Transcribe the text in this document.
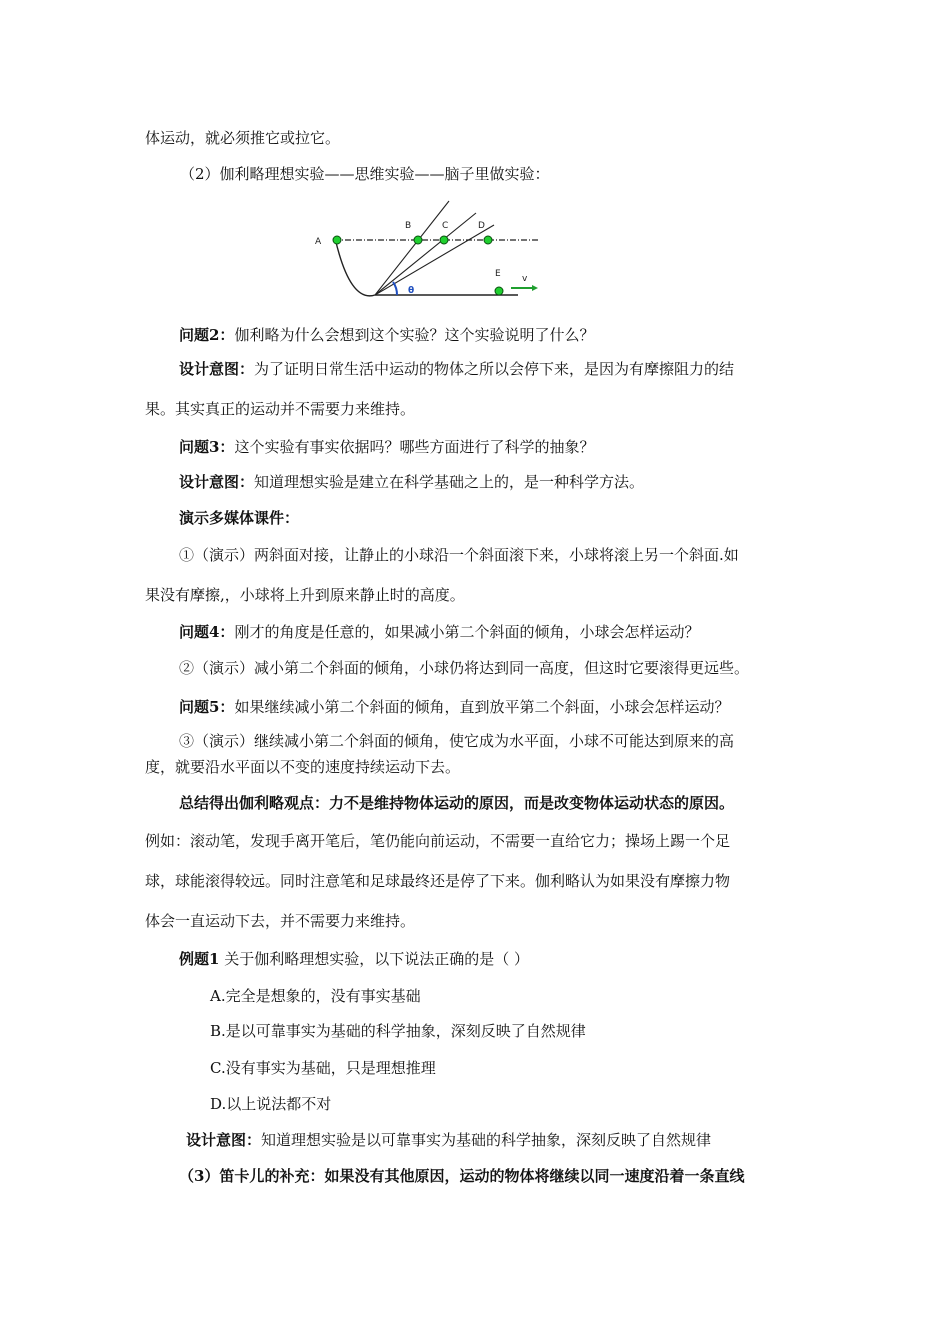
体运动，就必须推它或拉它。
（2）伽利略理想实验——思维实验——脑子里做实验：
A
B	C	D
E
θ
v
问题2：伽利略为什么会想到这个实验？这个实验说明了什么？
设计意图：为了证明日常生活中运动的物体之所以会停下来，是因为有摩擦阻力的结
果。其实真正的运动并不需要力来维持。
问题3：这个实验有事实依据吗？哪些方面进行了科学的抽象？
设计意图：知道理想实验是建立在科学基础之上的，是一种科学方法。
演示多媒体课件：
①（演示）两斜面对接，让静止的小球沿一个斜面滚下来，小球将滚上另一个斜面.如
果没有摩擦,，小球将上升到原来静止时的高度。
问题4：刚才的角度是任意的，如果减小第二个斜面的倾角，小球会怎样运动？
②（演示）减小第二个斜面的倾角，小球仍将达到同一高度，但这时它要滚得更远些。
问题5：如果继续减小第二个斜面的倾角，直到放平第二个斜面，小球会怎样运动？
③（演示）继续减小第二个斜面的倾角，使它成为水平面，小球不可能达到原来的高
度，就要沿水平面以不变的速度持续运动下去。
总结得出伽利略观点：力不是维持物体运动的原因，而是改变物体运动状态的原因。
例如：滚动笔，发现手离开笔后，笔仍能向前运动，不需要一直给它力；操场上踢一个足
球，球能滚得较远。同时注意笔和足球最终还是停了下来。伽利略认为如果没有摩擦力物
体会一直运动下去，并不需要力来维持。
例题1 关于伽利略理想实验，以下说法正确的是（ ）
A.完全是想象的，没有事实基础
B.是以可靠事实为基础的科学抽象，深刻反映了自然规律
C.没有事实为基础，只是理想推理
D.以上说法都不对
设计意图：知道理想实验是以可靠事实为基础的科学抽象，深刻反映了自然规律
（3）笛卡儿的补充：如果没有其他原因，运动的物体将继续以同一速度沿着一条直线
